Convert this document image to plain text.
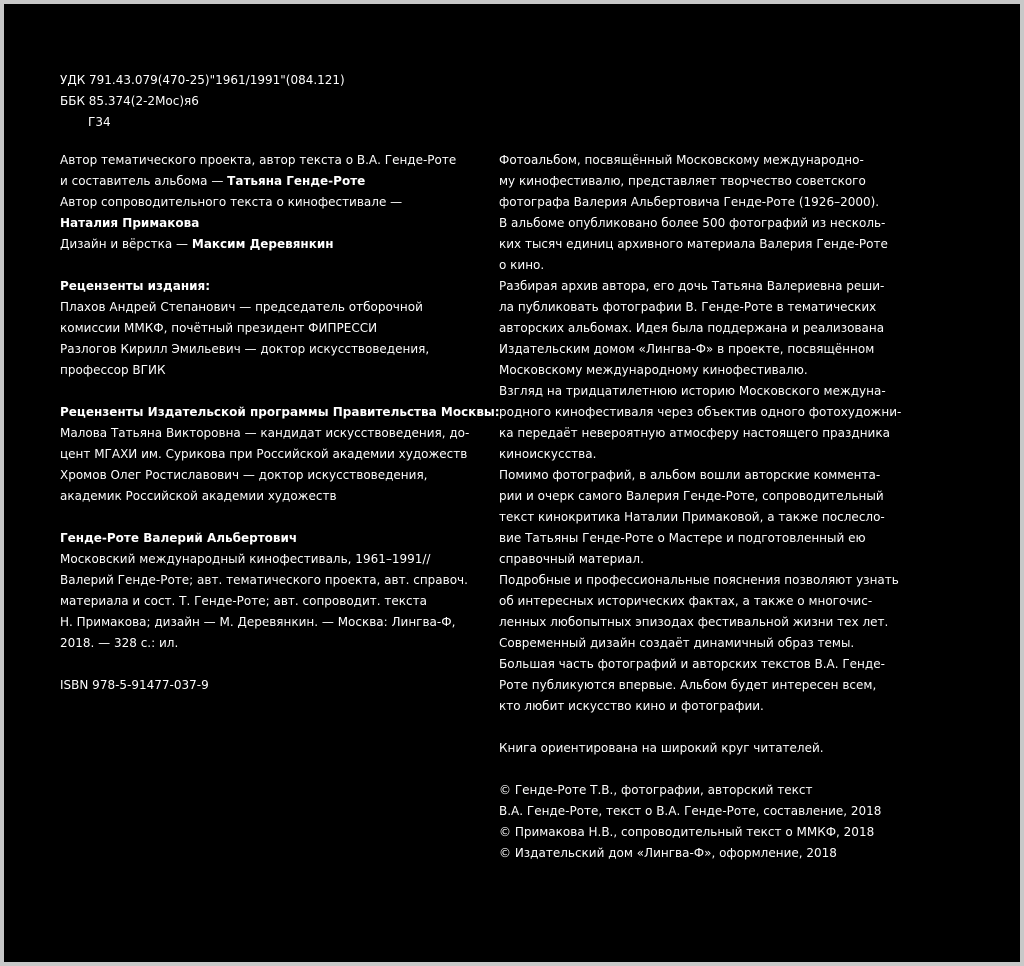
УДК 791.43.079(470-25)"1961/1991"(084.121)
ББК 85.374(2-2Мос)я6
Г34
Автор тематического проекта, автор текста о В.А. Генде-Роте
и составитель альбома — Татьяна Генде-Роте
Автор сопроводительного текста о кинофестивале —
Наталия Примакова
Дизайн и вёрстка — Максим Деревянкин
Рецензенты издания:
Плахов Андрей Степанович — председатель отборочной
комиссии ММКФ, почётный президент ФИПРЕССИ
Разлогов Кирилл Эмильевич — доктор искусствоведения,
профессор ВГИК
Рецензенты Издательской программы Правительства Москвы:
Малова Татьяна Викторовна — кандидат искусствоведения, до-
цент МГАХИ им. Сурикова при Российской академии художеств
Хромов Олег Ростиславович — доктор искусствоведения,
академик Российской академии художеств
Генде-Роте Валерий Альбертович
Московский международный кинофестиваль, 1961–1991//
Валерий Генде-Роте; авт. тематического проекта, авт. справоч.
материала и сост. Т. Генде-Роте; авт. сопроводит. текста
Н. Примакова; дизайн — М. Деревянкин. — Москва: Лингва-Ф,
2018. — 328 с.: ил.
ISBN 978-5-91477-037-9
Фотоальбом, посвящённый Московскому международно-
му кинофестивалю, представляет творчество советского
фотографа Валерия Альбертовича Генде-Роте (1926–2000).
В альбоме опубликовано более 500 фотографий из несколь-
ких тысяч единиц архивного материала Валерия Генде-Роте
о кино.
Разбирая архив автора, его дочь Татьяна Валериевна реши-
ла публиковать фотографии В. Генде-Роте в тематических
авторских альбомах. Идея была поддержана и реализована
Издательским домом «Лингва-Ф» в проекте, посвящённом
Московскому международному кинофестивалю.
Взгляд на тридцатилетнюю историю Московского междуна-
родного кинофестиваля через объектив одного фотохудожни-
ка передаёт невероятную атмосферу настоящего праздника
киноискусства.
Помимо фотографий, в альбом вошли авторские коммента-
рии и очерк самого Валерия Генде-Роте, сопроводительный
текст кинокритика Наталии Примаковой, а также послесло-
вие Татьяны Генде-Роте о Мастере и подготовленный ею
справочный материал.
Подробные и профессиональные пояснения позволяют узнать
об интересных исторических фактах, а также о многочис-
ленных любопытных эпизодах фестивальной жизни тех лет.
Современный дизайн создаёт динамичный образ темы.
Большая часть фотографий и авторских текстов В.А. Генде-
Роте публикуются впервые. Альбом будет интересен всем,
кто любит искусство кино и фотографии.
Книга ориентирована на широкий круг читателей.
© Генде-Роте Т.В., фотографии, авторский текст
В.А. Генде-Роте, текст о В.А. Генде-Роте, составление, 2018
© Примакова Н.В., сопроводительный текст о ММКФ, 2018
© Издательский дом «Лингва-Ф», оформление, 2018
